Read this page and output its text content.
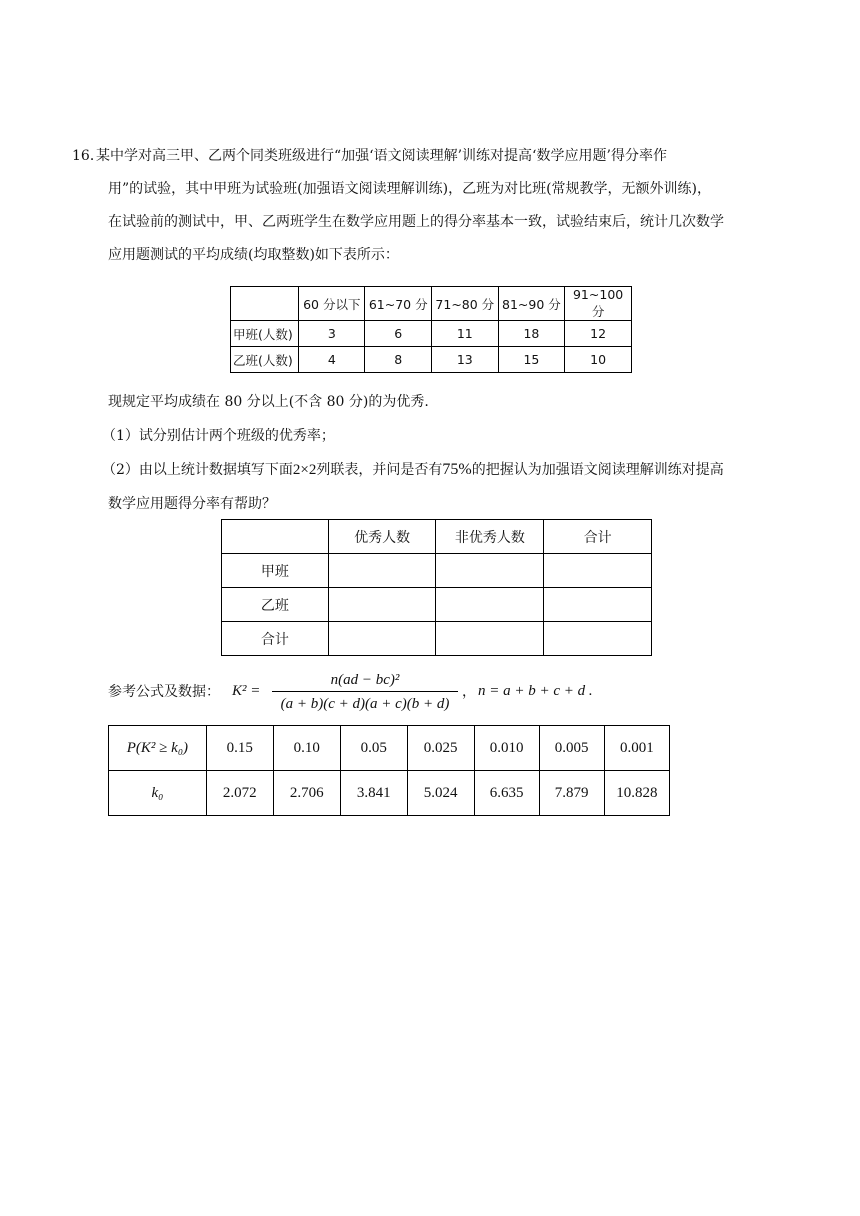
16．
某中学对高三甲、乙两个同类班级进行“加强‘语文阅读理解’训练对提高‘数学应用题’得分率作
用”的试验，其中甲班为试验班(加强语文阅读理解训练)，乙班为对比班(常规教学，无额外训练)，
在试验前的测试中，甲、乙两班学生在数学应用题上的得分率基本一致，试验结束后，统计几次数学
应用题测试的平均成绩(均取整数)如下表所示：
	60 分以下	61~70 分	71~80 分	81~90 分	91~100 分
甲班(人数)	3	6	11	18	12
乙班(人数)	4	8	13	15	10
现规定平均成绩在 80 分以上(不含 80 分)的为优秀.
（1）试分别估计两个班级的优秀率；
（2）由以上统计数据填写下面2×2列联表，并问是否有75%的把握认为加强语文阅读理解训练对提高
数学应用题得分率有帮助？
	优秀人数	非优秀人数	合计
甲班			
乙班			
合计			
参考公式及数据： K² =
n(ad − bc)²
(a + b)(c + d)(a + c)(b + d)
， n = a + b + c + d .
P(K² ≥ k₀)	0.15	0.10	0.05	0.025	0.010	0.005	0.001
k₀	2.072	2.706	3.841	5.024	6.635	7.879	10.828
